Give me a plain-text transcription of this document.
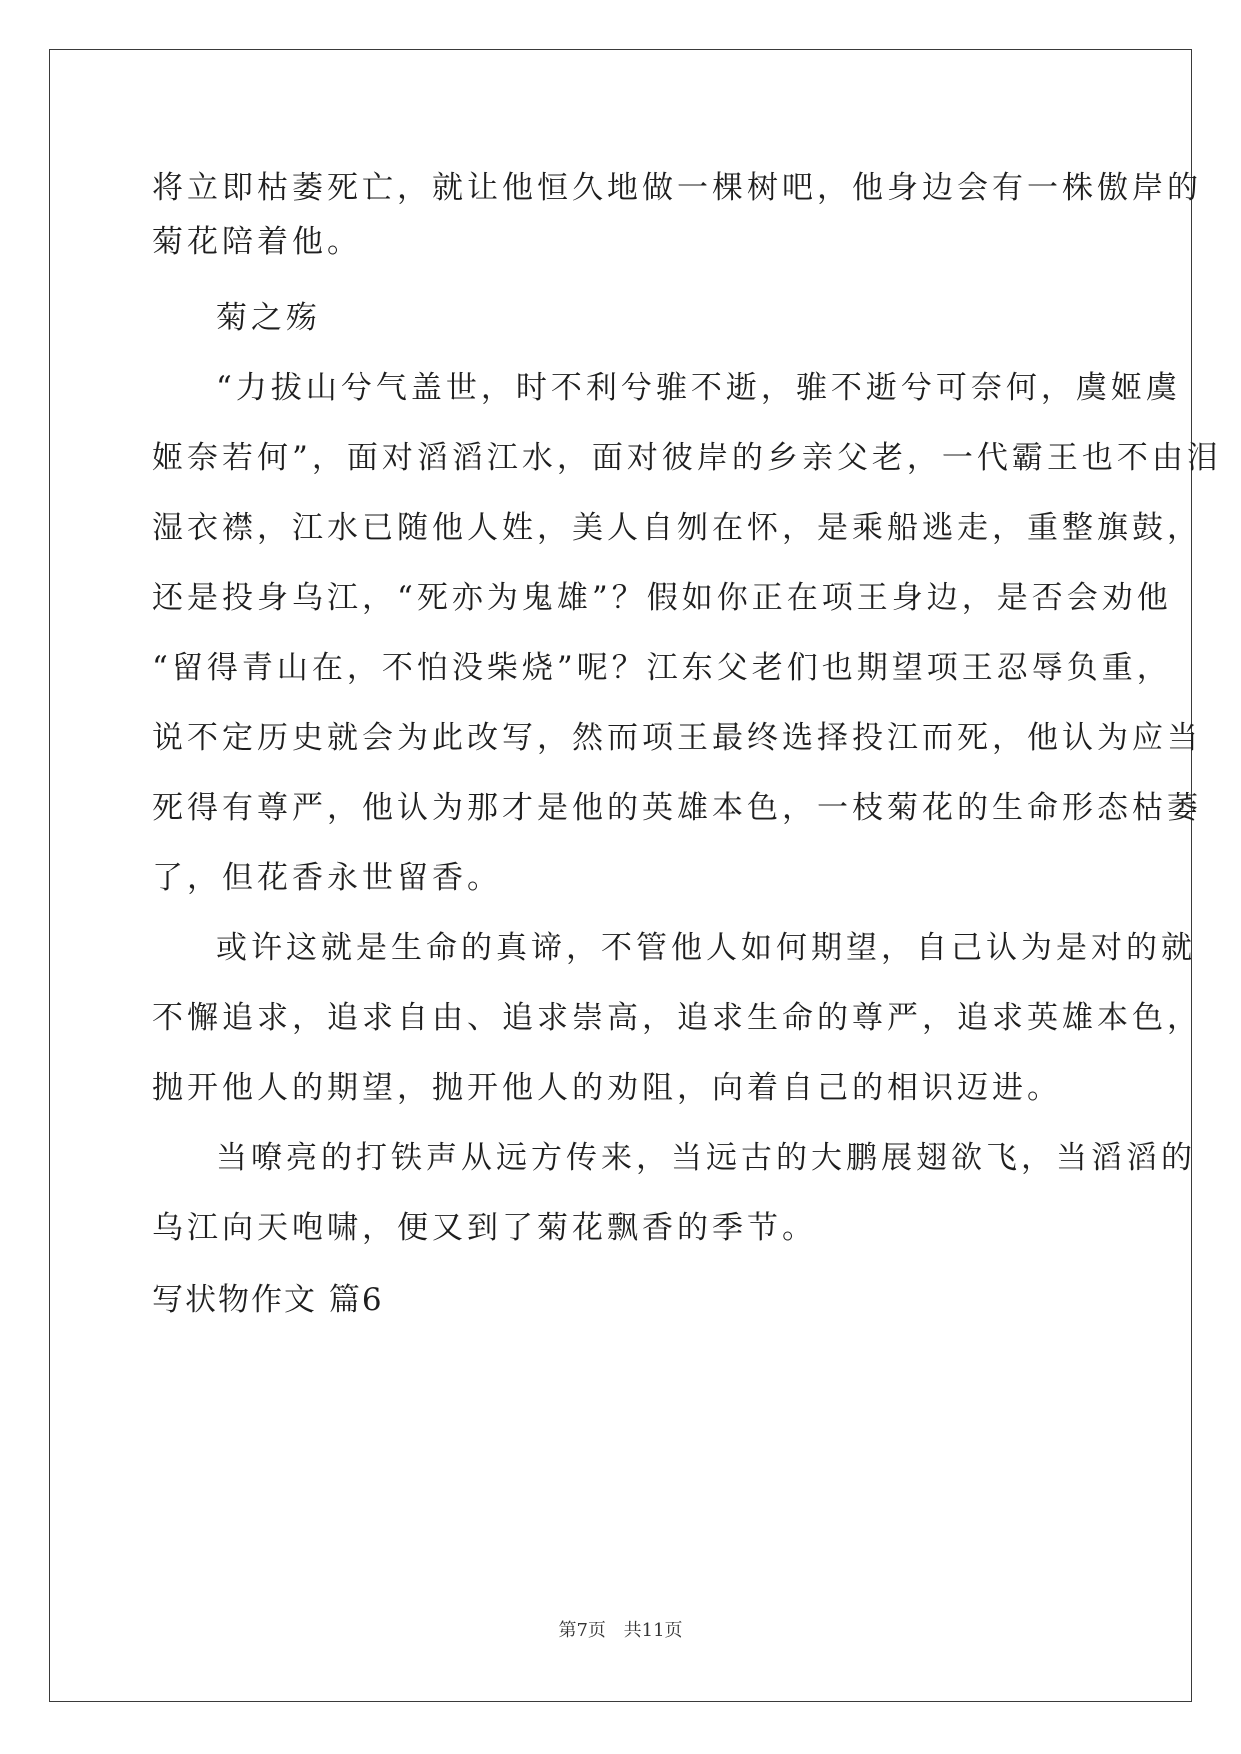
将立即枯萎死亡，就让他恒久地做一棵树吧，他身边会有一株傲岸的
菊花陪着他。
菊之殇
“力拔山兮气盖世，时不利兮骓不逝，骓不逝兮可奈何，虞姬虞
姬奈若何”，面对滔滔江水，面对彼岸的乡亲父老，一代霸王也不由泪
湿衣襟，江水已随他人姓，美人自刎在怀，是乘船逃走，重整旗鼓，
还是投身乌江，“死亦为鬼雄”？假如你正在项王身边，是否会劝他
“留得青山在，不怕没柴烧”呢？江东父老们也期望项王忍辱负重，
说不定历史就会为此改写，然而项王最终选择投江而死，他认为应当
死得有尊严，他认为那才是他的英雄本色，一枝菊花的生命形态枯萎
了，但花香永世留香。
或许这就是生命的真谛，不管他人如何期望，自己认为是对的就
不懈追求，追求自由、追求崇高，追求生命的尊严，追求英雄本色，
抛开他人的期望，抛开他人的劝阻，向着自己的相识迈进。
当嘹亮的打铁声从远方传来，当远古的大鹏展翅欲飞，当滔滔的
乌江向天咆啸，便又到了菊花飘香的季节。
写状物作文 篇6
第7页 共11页
